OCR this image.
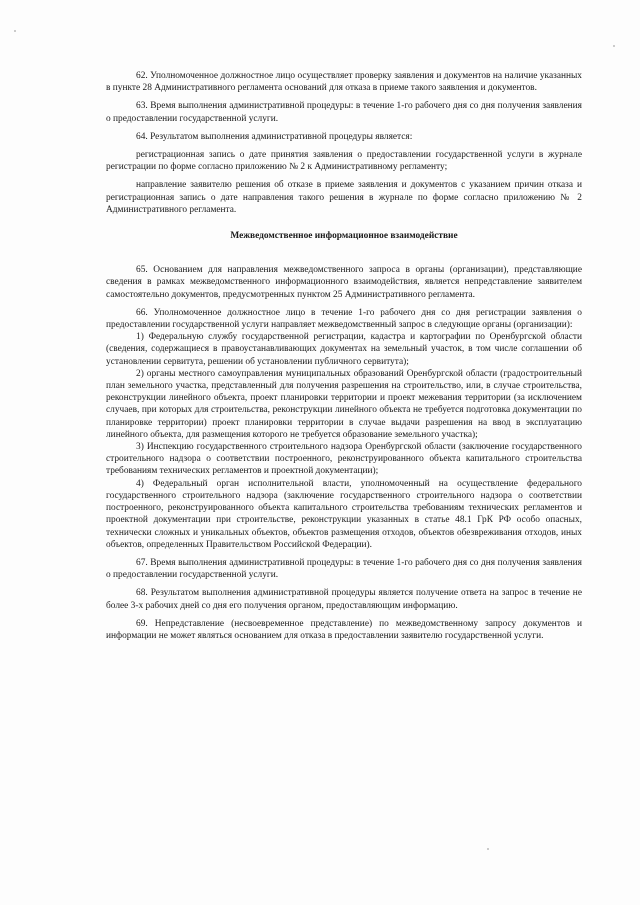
62. Уполномоченное должностное лицо осуществляет проверку заявления и документов на наличие указанных в пункте 28 Административного регламента оснований для отказа в приеме такого заявления и документов.

63. Время выполнения административной процедуры: в течение 1-го рабочего дня со дня получения заявления о предоставлении государственной услуги.

64. Результатом выполнения административной процедуры является:

регистрационная запись о дате принятия заявления о предоставлении государственной услуги в журнале регистрации по форме согласно приложению № 2 к Административному регламенту;

направление заявителю решения об отказе в приеме заявления и документов с указанием причин отказа и регистрационная запись о дате направления такого решения в журнале по форме согласно приложению № 2 Административного регламента.

Межведомственное информационное взаимодействие

65. Основанием для направления межведомственного запроса в органы (организации), представляющие сведения в рамках межведомственного информационного взаимодействия, является непредставление заявителем самостоятельно документов, предусмотренных пунктом 25 Административного регламента.

66. Уполномоченное должностное лицо в течение 1-го рабочего дня со дня регистрации заявления о предоставлении государственной услуги направляет межведомственный запрос в следующие органы (организации):

1) Федеральную службу государственной регистрации, кадастра и картографии по Оренбургской области (сведения, содержащиеся в правоустанавливающих документах на земельный участок, в том числе соглашении об установлении сервитута, решении об установлении публичного сервитута);

2) органы местного самоуправления муниципальных образований Оренбургской области (градостроительный план земельного участка, представленный для получения разрешения на строительство, или, в случае строительства, реконструкции линейного объекта, проект планировки территории и проект межевания территории (за исключением случаев, при которых для строительства, реконструкции линейного объекта не требуется подготовка документации по планировке территории) проект планировки территории в случае выдачи разрешения на ввод в эксплуатацию линейного объекта, для размещения которого не требуется образование земельного участка);

3) Инспекцию государственного строительного надзора Оренбургской области (заключение государственного строительного надзора о соответствии построенного, реконструированного объекта капитального строительства требованиям технических регламентов и проектной документации);

4) Федеральный орган исполнительной власти, уполномоченный на осуществление федерального государственного строительного надзора (заключение государственного строительного надзора о соответствии построенного, реконструированного объекта капитального строительства требованиям технических регламентов и проектной документации при строительстве, реконструкции указанных в статье 48.1 ГрК РФ особо опасных, технически сложных и уникальных объектов, объектов размещения отходов, объектов обезвреживания отходов, иных объектов, определенных Правительством Российской Федерации).

67. Время выполнения административной процедуры: в течение 1-го рабочего дня со дня получения заявления о предоставлении государственной услуги.

68. Результатом выполнения административной процедуры является получение ответа на запрос в течение не более 3-х рабочих дней со дня его получения органом, предоставляющим информацию.

69. Непредставление (несвоевременное представление) по межведомственному запросу документов и информации не может являться основанием для отказа в предоставлении заявителю государственной услуги.
